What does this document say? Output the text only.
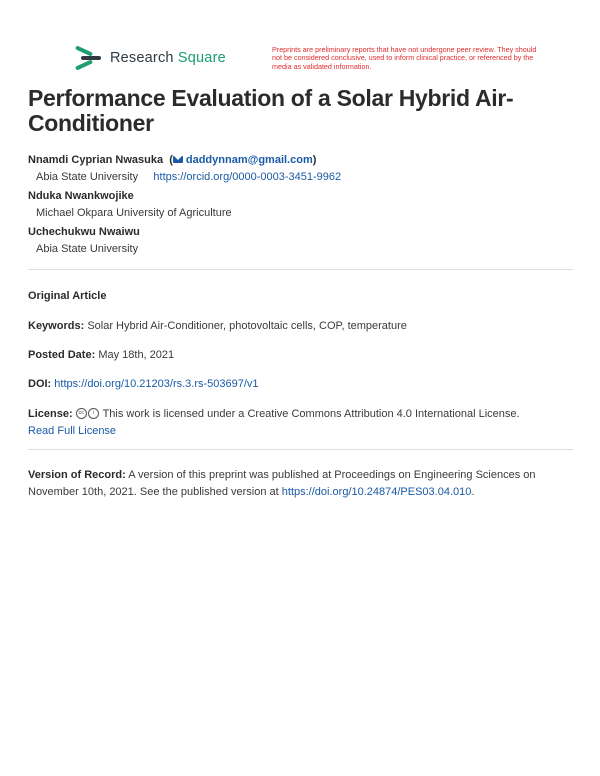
Research Square
Preprints are preliminary reports that have not undergone peer review. They should not be considered conclusive, used to inform clinical practice, or referenced by the media as validated information.
Performance Evaluation of a Solar Hybrid Air-Conditioner
Nnamdi Cyprian Nwasuka  ( daddynnam@gmail.com)
Abia State University https://orcid.org/0000-0003-3451-9962
Nduka Nwankwojike
Michael Okpara University of Agriculture
Uchechukwu Nwaiwu
Abia State University
Original Article
Keywords: Solar Hybrid Air-Conditioner, photovoltaic cells, COP, temperature
Posted Date: May 18th, 2021
DOI: https://doi.org/10.21203/rs.3.rs-503697/v1
License: cc i This work is licensed under a Creative Commons Attribution 4.0 International License.
Read Full License
Version of Record: A version of this preprint was published at Proceedings on Engineering Sciences on November 10th, 2021. See the published version at https://doi.org/10.24874/PES03.04.010.
